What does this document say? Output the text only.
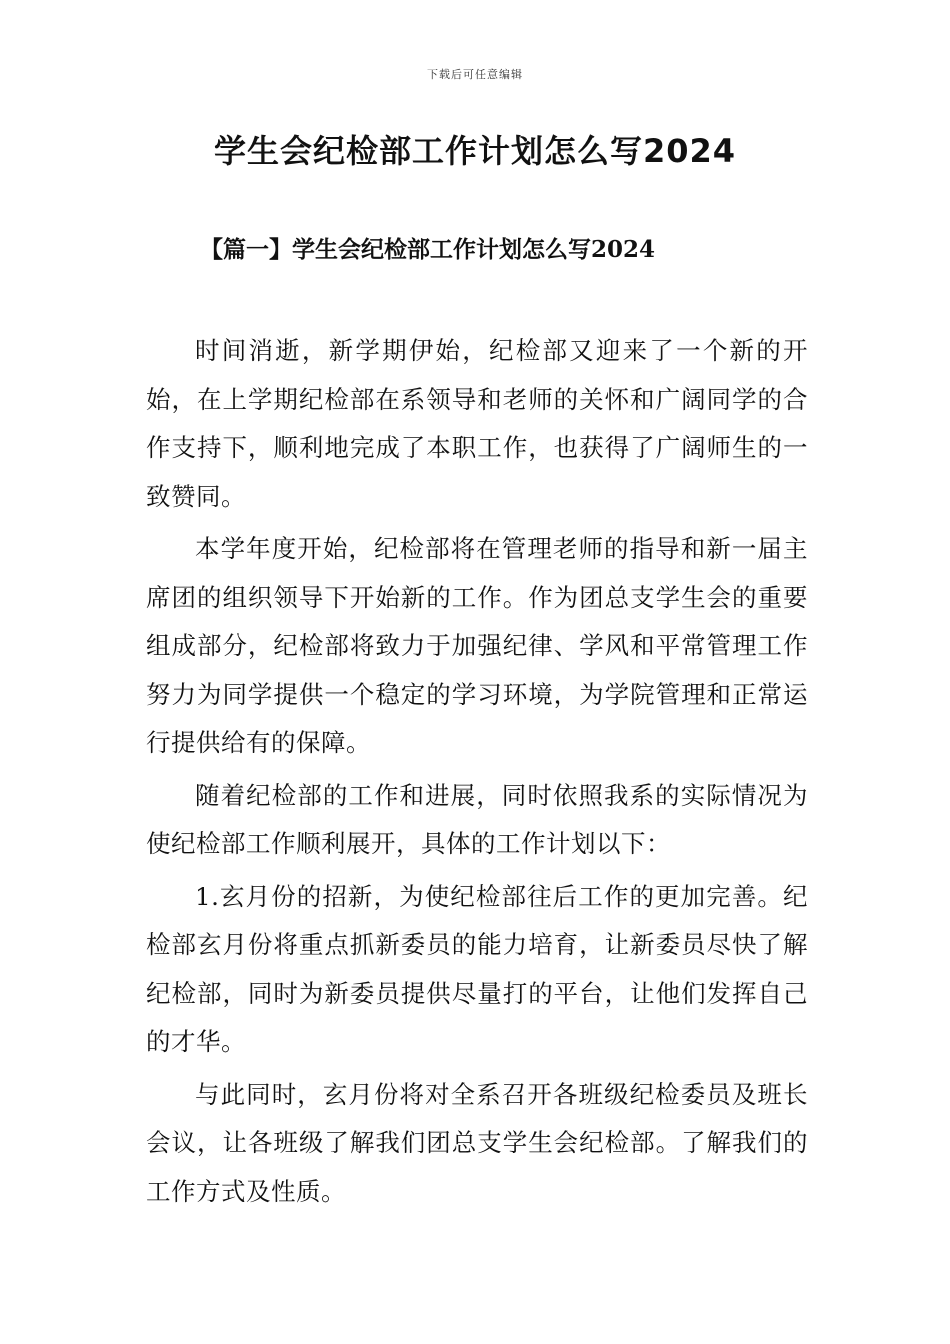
下载后可任意编辑
学生会纪检部工作计划怎么写2024
【篇一】学生会纪检部工作计划怎么写2024

时间消逝，新学期伊始，纪检部又迎来了一个新的开始，在上学期纪检部在系领导和老师的关怀和广阔同学的合作支持下，顺利地完成了本职工作，也获得了广阔师生的一致赞同。

本学年度开始，纪检部将在管理老师的指导和新一届主席团的组织领导下开始新的工作。作为团总支学生会的重要组成部分，纪检部将致力于加强纪律、学风和平常管理工作努力为同学提供一个稳定的学习环境，为学院管理和正常运行提供给有的保障。

随着纪检部的工作和进展，同时依照我系的实际情况为使纪检部工作顺利展开，具体的工作计划以下：

1.玄月份的招新，为使纪检部往后工作的更加完善。纪检部玄月份将重点抓新委员的能力培育，让新委员尽快了解纪检部，同时为新委员提供尽量打的平台，让他们发挥自己的才华。

与此同时，玄月份将对全系召开各班级纪检委员及班长会议，让各班级了解我们团总支学生会纪检部。了解我们的工作方式及性质。
